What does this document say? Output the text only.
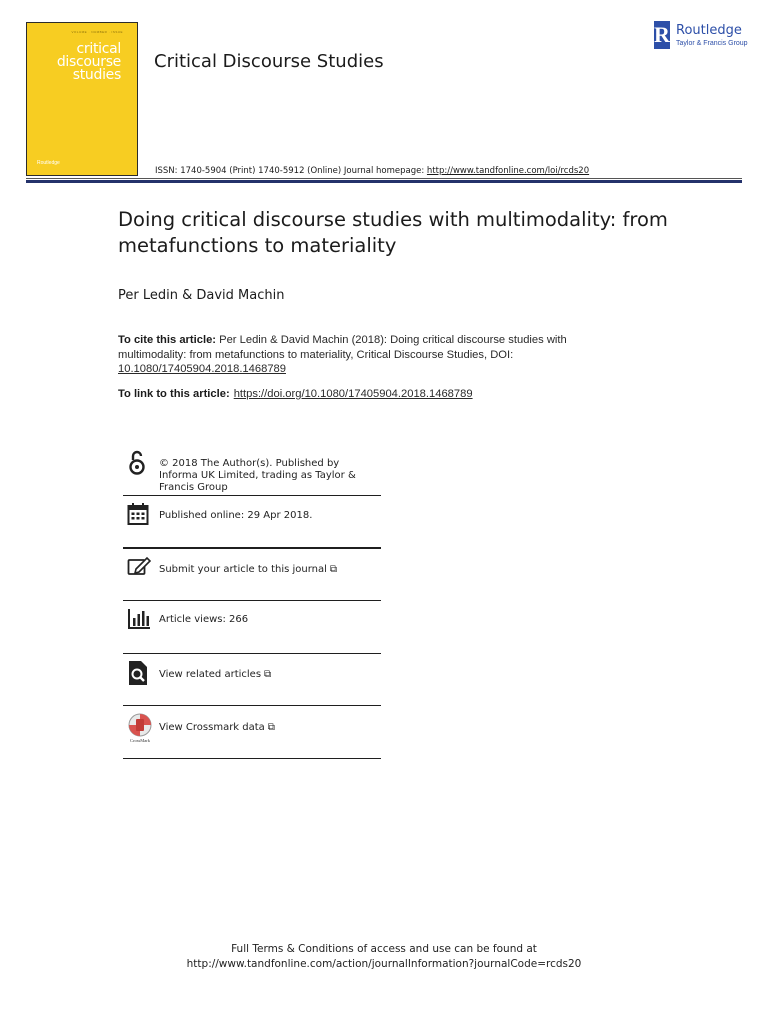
VOLUME · NUMBER · ISSUE
critical
discourse
studies
Routledge
Critical Discourse Studies
R Routledge
Taylor & Francis Group
ISSN: 1740-5904 (Print) 1740-5912 (Online) Journal homepage: http://www.tandfonline.com/loi/rcds20
Doing critical discourse studies with multimodality: from metafunctions to materiality
Per Ledin & David Machin
To cite this article: Per Ledin & David Machin (2018): Doing critical discourse studies with multimodality: from metafunctions to materiality, Critical Discourse Studies, DOI: 10.1080/17405904.2018.1468789
To link to this article: https://doi.org/10.1080/17405904.2018.1468789
© 2018 The Author(s). Published by Informa UK Limited, trading as Taylor & Francis Group
Published online: 29 Apr 2018.
Submit your article to this journal ⧉
Article views: 266
View related articles ⧉
CrossMark
View Crossmark data ⧉
Full Terms & Conditions of access and use can be found at
http://www.tandfonline.com/action/journalInformation?journalCode=rcds20
